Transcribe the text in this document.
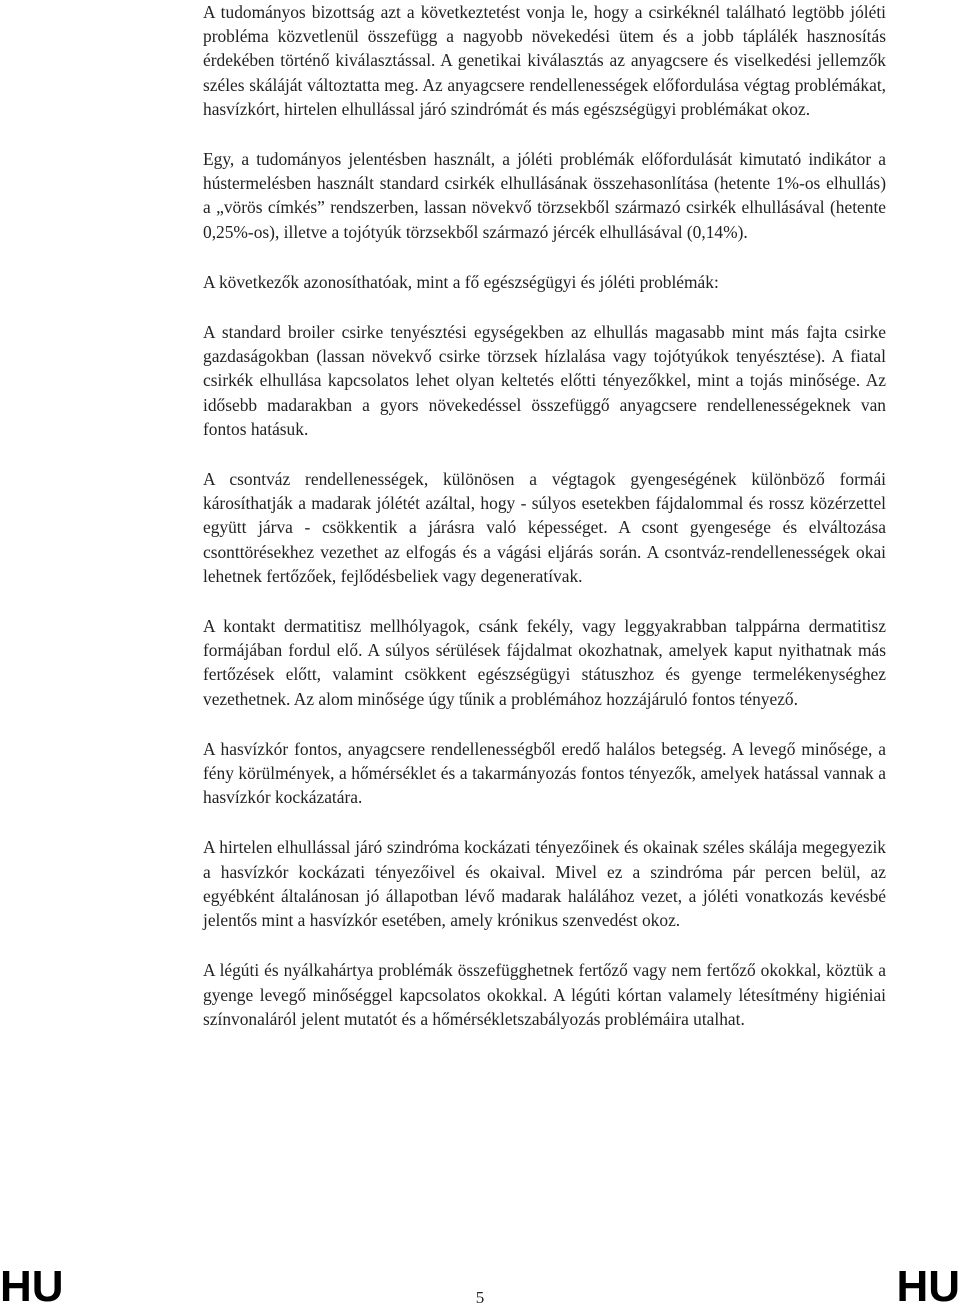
A tudományos bizottság azt a következtetést vonja le, hogy a csirkéknél található legtöbb jóléti probléma közvetlenül összefügg a nagyobb növekedési ütem és a jobb táplálék hasznosítás érdekében történő kiválasztással. A genetikai kiválasztás az anyagcsere és viselkedési jellemzők széles skáláját változtatta meg. Az anyagcsere rendellenességek előfordulása végtag problémákat, hasvízkórt, hirtelen elhullással járó szindrómát és más egészségügyi problémákat okoz.

Egy, a tudományos jelentésben használt, a jóléti problémák előfordulását kimutató indikátor a hústermelésben használt standard csirkék elhullásának összehasonlítása (hetente 1%-os elhullás) a „vörös címkés” rendszerben, lassan növekvő törzsekből származó csirkék elhullásával (hetente 0,25%-os), illetve a tojótyúk törzsekből származó jércék elhullásával (0,14%).

A következők azonosíthatóak, mint a fő egészségügyi és jóléti problémák:

A standard broiler csirke tenyésztési egységekben az elhullás magasabb mint más fajta csirke gazdaságokban (lassan növekvő csirke törzsek hízlalása vagy tojótyúkok tenyésztése). A fiatal csirkék elhullása kapcsolatos lehet olyan keltetés előtti tényezőkkel, mint a tojás minősége. Az idősebb madarakban a gyors növekedéssel összefüggő anyagcsere rendellenességeknek van fontos hatásuk.

A csontváz rendellenességek, különösen a végtagok gyengeségének különböző formái károsíthatják a madarak jólétét azáltal, hogy - súlyos esetekben fájdalommal és rossz közérzettel együtt járva - csökkentik a járásra való képességet. A csont gyengesége és elváltozása csonttörésekhez vezethet az elfogás és a vágási eljárás során. A csontváz-rendellenességek okai lehetnek fertőzőek, fejlődésbeliek vagy degeneratívak.

A kontakt dermatitisz mellhólyagok, csánk fekély, vagy leggyakrabban talppárna dermatitisz formájában fordul elő. A súlyos sérülések fájdalmat okozhatnak, amelyek kaput nyithatnak más fertőzések előtt, valamint csökkent egészségügyi státuszhoz és gyenge termelékenységhez vezethetnek. Az alom minősége úgy tűnik a problémához hozzájáruló fontos tényező.

A hasvízkór fontos, anyagcsere rendellenességből eredő halálos betegség. A levegő minősége, a fény körülmények, a hőmérséklet és a takarmányozás fontos tényezők, amelyek hatással vannak a hasvízkór kockázatára.

A hirtelen elhullással járó szindróma kockázati tényezőinek és okainak széles skálája megegyezik a hasvízkór kockázati tényezőivel és okaival. Mivel ez a szindróma pár percen belül, az egyébként általánosan jó állapotban lévő madarak halálához vezet, a jóléti vonatkozás kevésbé jelentős mint a hasvízkór esetében, amely krónikus szenvedést okoz.

A légúti és nyálkahártya problémák összefügghetnek fertőző vagy nem fertőző okokkal, köztük a gyenge levegő minőséggel kapcsolatos okokkal. A légúti kórtan valamely létesítmény higiéniai színvonaláról jelent mutatót és a hőmérsékletszabályozás problémáira utalhat.

HU	5	HU
